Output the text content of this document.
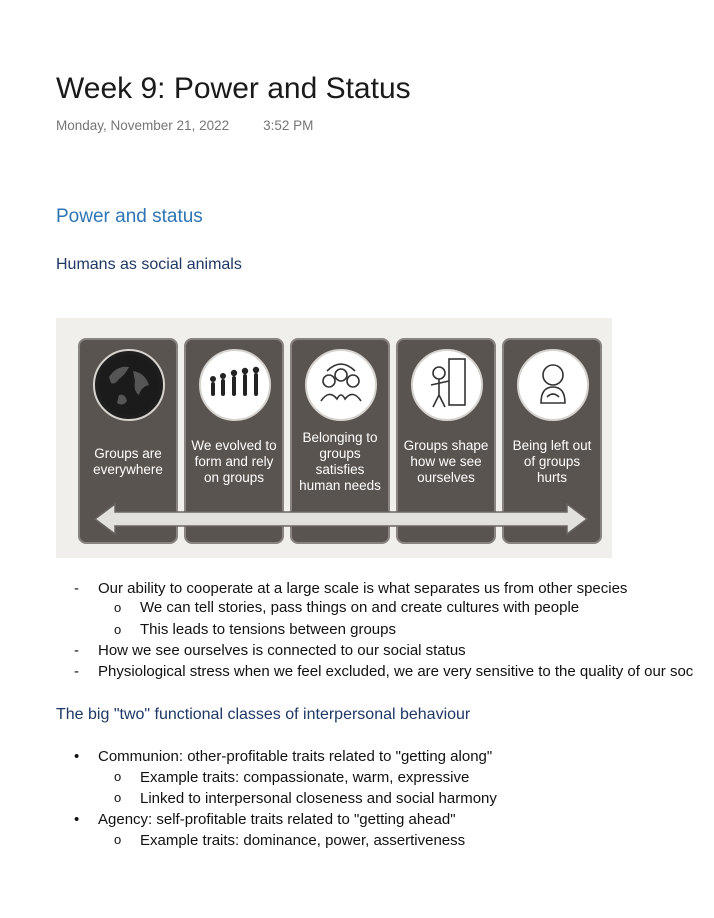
Week 9: Power and Status
Monday, November 21, 2022	3:52 PM
Power and status
Humans as social animals
Groups are
everywhere
We evolved to
form and rely
on groups
Belonging to
groups
satisfies
human needs
Groups shape
how we see
ourselves
Being left out
of groups
hurts
- Our ability to cooperate at a large scale is what separates us from other species
o We can tell stories, pass things on and create cultures with people
o This leads to tensions between groups
- How we see ourselves is connected to our social status
- Physiological stress when we feel excluded, we are very sensitive to the quality of our soc
The big "two" functional classes of interpersonal behaviour
• Communion: other-profitable traits related to "getting along"
o Example traits: compassionate, warm, expressive
o Linked to interpersonal closeness and social harmony
• Agency: self-profitable traits related to "getting ahead"
o Example traits: dominance, power, assertiveness
